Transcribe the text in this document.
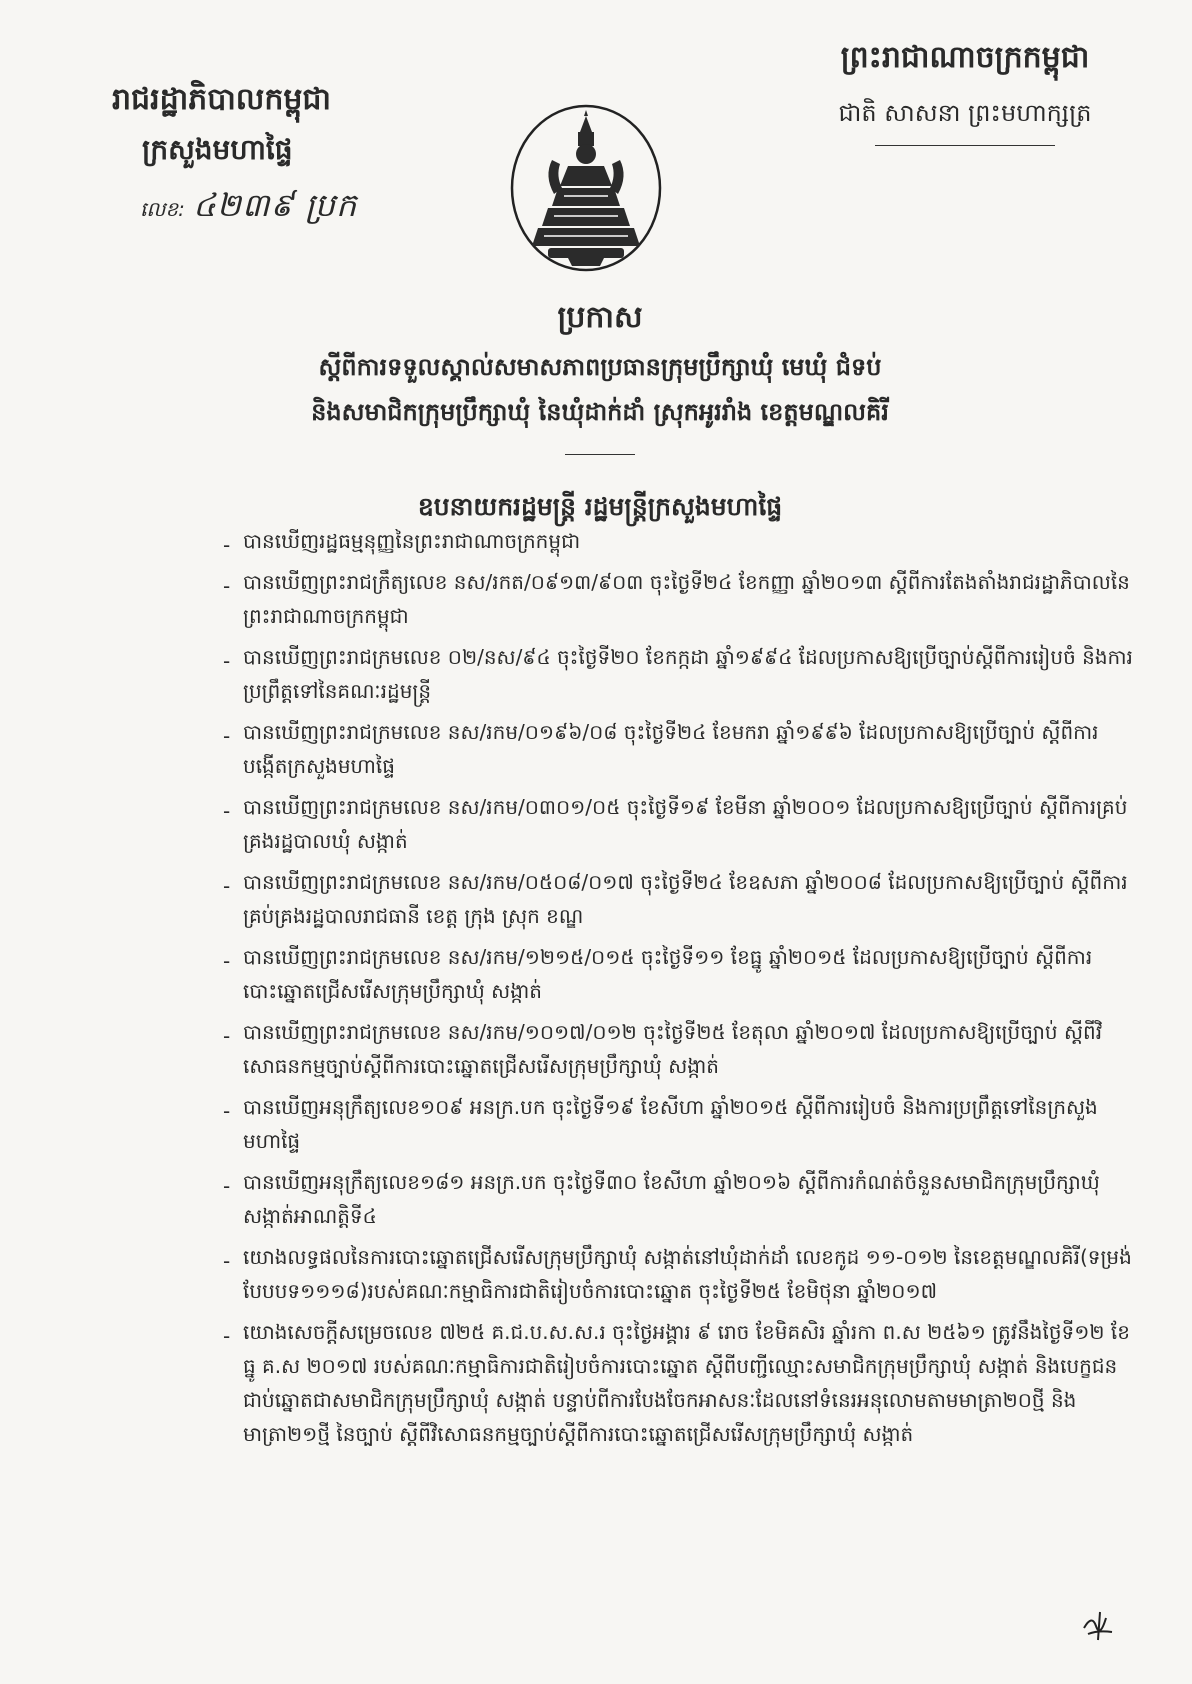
រាជរដ្ឋាភិបាលកម្ពុជា
ក្រសួងមហាផ្ទៃ
លេខ: ៤២៣៩ ប្រក
ព្រះរាជាណាចក្រកម្ពុជា
ជាតិ សាសនា ព្រះមហាក្សត្រ
ប្រកាស
ស្តីពីការទទួលស្គាល់សមាសភាពប្រធានក្រុមប្រឹក្សាឃុំ មេឃុំ ជំទប់
និងសមាជិកក្រុមប្រឹក្សាឃុំ នៃឃុំដាក់ដាំ ស្រុកអូររាំង ខេត្តមណ្ឌលគិរី
ឧបនាយករដ្ឋមន្ត្រី រដ្ឋមន្ត្រីក្រសួងមហាផ្ទៃ
- បានឃើញរដ្ឋធម្មនុញ្ញនៃព្រះរាជាណាចក្រកម្ពុជា
- បានឃើញព្រះរាជក្រឹត្យលេខ នស/រកត/០៩១៣/៩០៣ ចុះថ្ងៃទី២៤ ខែកញ្ញា ឆ្នាំ២០១៣ ស្តីពីការតែងតាំងរាជរដ្ឋាភិបាលនៃព្រះរាជាណាចក្រកម្ពុជា
- បានឃើញព្រះរាជក្រមលេខ ០២/នស/៩៤ ចុះថ្ងៃទី២០ ខែកក្កដា ឆ្នាំ១៩៩៤ ដែលប្រកាសឱ្យប្រើច្បាប់ស្តីពីការរៀបចំ និងការប្រព្រឹត្តទៅនៃគណៈរដ្ឋមន្ត្រី
- បានឃើញព្រះរាជក្រមលេខ នស/រកម/០១៩៦/០៨ ចុះថ្ងៃទី២៤ ខែមករា ឆ្នាំ១៩៩៦ ដែលប្រកាសឱ្យប្រើច្បាប់ ស្តីពីការបង្កើតក្រសួងមហាផ្ទៃ
- បានឃើញព្រះរាជក្រមលេខ នស/រកម/០៣០១/០៥ ចុះថ្ងៃទី១៩ ខែមីនា ឆ្នាំ២០០១ ដែលប្រកាសឱ្យប្រើច្បាប់ ស្តីពីការគ្រប់គ្រងរដ្ឋបាលឃុំ សង្កាត់
- បានឃើញព្រះរាជក្រមលេខ នស/រកម/០៥០៨/០១៧ ចុះថ្ងៃទី២៤ ខែឧសភា ឆ្នាំ២០០៨ ដែលប្រកាសឱ្យប្រើច្បាប់ ស្តីពីការគ្រប់គ្រងរដ្ឋបាលរាជធានី ខេត្ត ក្រុង ស្រុក ខណ្ឌ
- បានឃើញព្រះរាជក្រមលេខ នស/រកម/១២១៥/០១៥ ចុះថ្ងៃទី១១ ខែធ្នូ ឆ្នាំ២០១៥ ដែលប្រកាសឱ្យប្រើច្បាប់ ស្តីពីការបោះឆ្នោតជ្រើសរើសក្រុមប្រឹក្សាឃុំ សង្កាត់
- បានឃើញព្រះរាជក្រមលេខ នស/រកម/១០១៧/០១២ ចុះថ្ងៃទី២៥ ខែតុលា ឆ្នាំ២០១៧ ដែលប្រកាសឱ្យប្រើច្បាប់ ស្តីពីវិសោធនកម្មច្បាប់ស្តីពីការបោះឆ្នោតជ្រើសរើសក្រុមប្រឹក្សាឃុំ សង្កាត់
- បានឃើញអនុក្រឹត្យលេខ១០៩ អនក្រ.បក ចុះថ្ងៃទី១៩ ខែសីហា ឆ្នាំ២០១៥ ស្តីពីការរៀបចំ និងការប្រព្រឹត្តទៅនៃក្រសួងមហាផ្ទៃ
- បានឃើញអនុក្រឹត្យលេខ១៨១ អនក្រ.បក ចុះថ្ងៃទី៣០ ខែសីហា ឆ្នាំ២០១៦ ស្តីពីការកំណត់ចំនួនសមាជិកក្រុមប្រឹក្សាឃុំ សង្កាត់អាណត្តិទី៤
- យោងលទ្ធផលនៃការបោះឆ្នោតជ្រើសរើសក្រុមប្រឹក្សាឃុំ សង្កាត់នៅឃុំដាក់ដាំ លេខកូដ ១១-០១២ នៃខេត្តមណ្ឌលគិរី(ទម្រង់បែបបទ១១១៨)របស់គណៈកម្មាធិការជាតិរៀបចំការបោះឆ្នោត ចុះថ្ងៃទី២៥ ខែមិថុនា ឆ្នាំ២០១៧
- យោងសេចក្តីសម្រេចលេខ ៧២៥ គ.ជ.ប.ស.ស.រ ចុះថ្ងៃអង្គារ ៩ រោច ខែមិគសិរ ឆ្នាំរកា ព.ស ២៥៦១ ត្រូវនឹងថ្ងៃទី១២ ខែធ្នូ គ.ស ២០១៧ របស់គណៈកម្មាធិការជាតិរៀបចំការបោះឆ្នោត ស្តីពីបញ្ជីឈ្មោះសមាជិកក្រុមប្រឹក្សាឃុំ សង្កាត់ និងបេក្ខជនជាប់ឆ្នោតជាសមាជិកក្រុមប្រឹក្សាឃុំ សង្កាត់ បន្ទាប់ពីការបែងចែកអាសនៈដែលនៅទំនេរអនុលោមតាមមាត្រា២០ថ្មី និងមាត្រា២១ថ្មី នៃច្បាប់ ស្តីពីវិសោធនកម្មច្បាប់ស្តីពីការបោះឆ្នោតជ្រើសរើសក្រុមប្រឹក្សាឃុំ សង្កាត់
